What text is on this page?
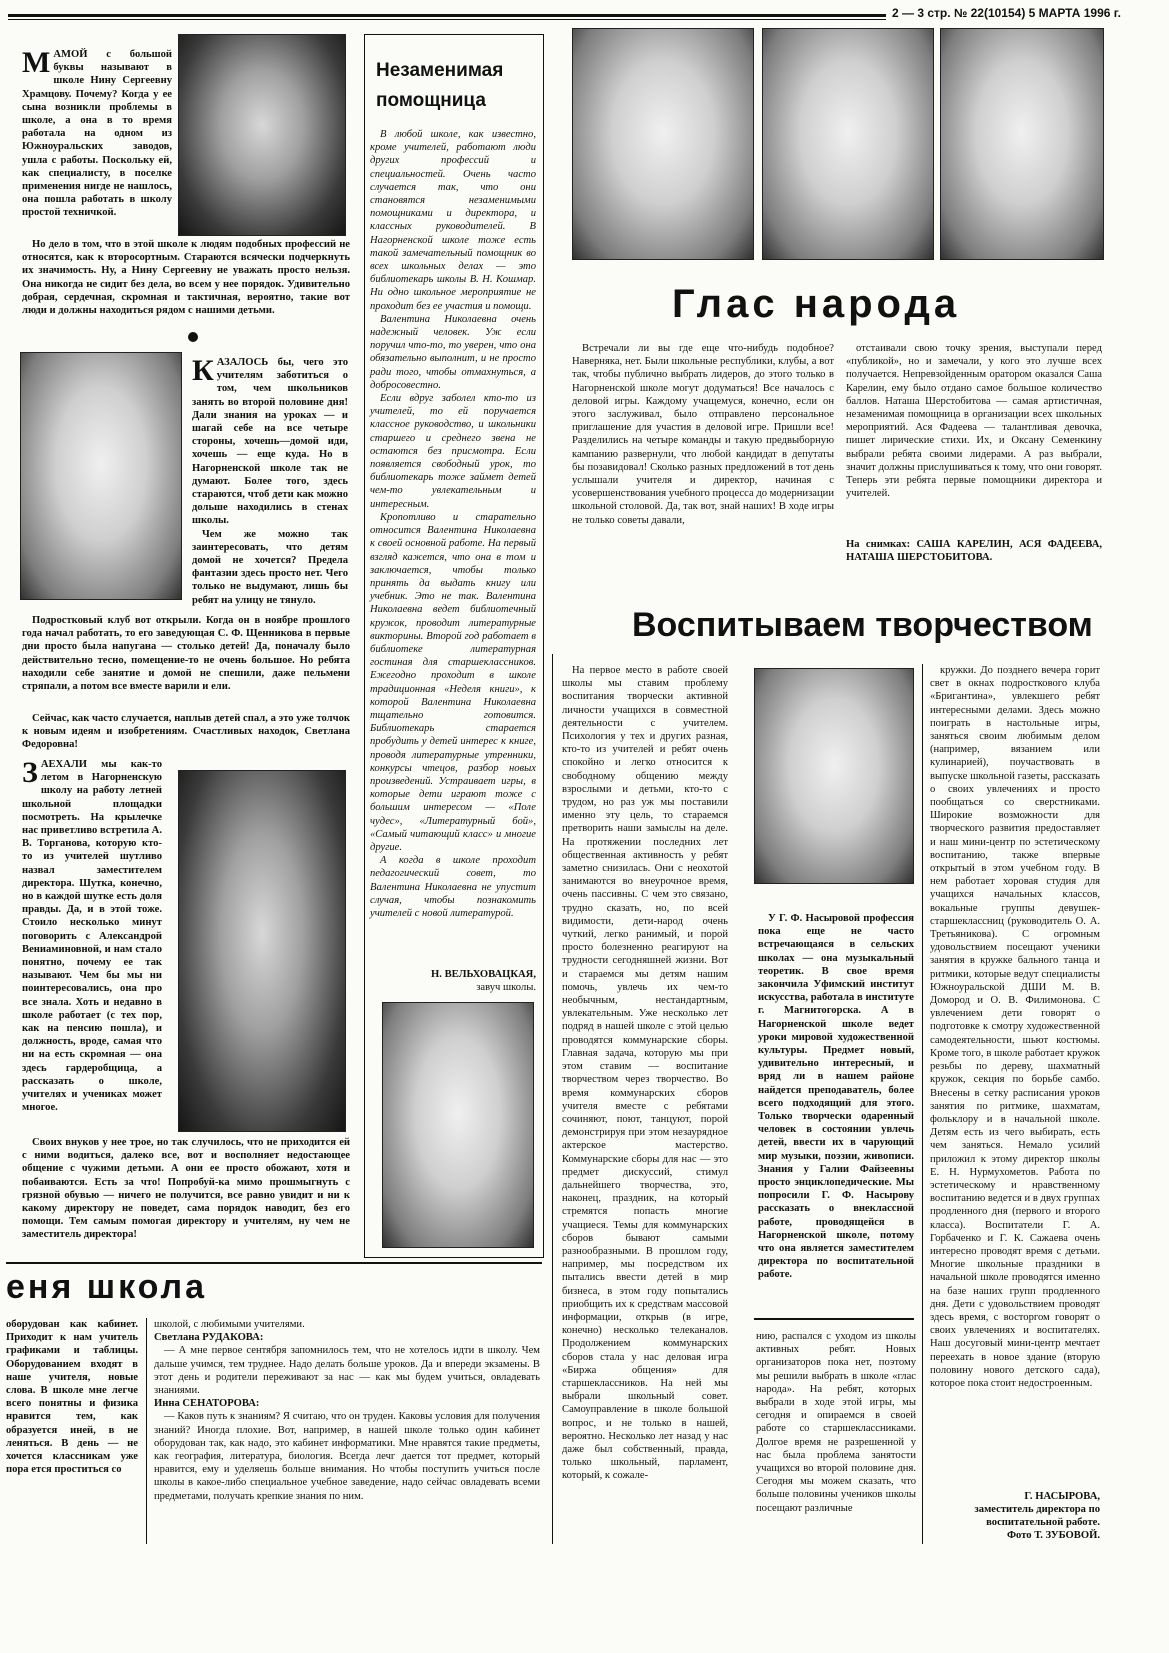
2 — 3 стр. № 22(10154) 5 МАРТА 1996 г.
МАМОЙ с большой буквы называют в школе Нину Сергеевну Храмцову. Почему? Когда у ее сына возникли проблемы в школе, а она в то время работала на одном из Южноуральских заводов, ушла с работы. Поскольку ей, как специалисту, в поселке применения нигде не нашлось, она пошла работать в школу простой техничкой.
Но дело в том, что в этой школе к людям подобных профессий не относятся, как к второсортным. Стараются всячески подчеркнуть их значимость. Ну, а Нину Сергеевну не уважать просто нельзя. Она никогда не сидит без дела, во всем у нее порядок. Удивительно добрая, сердечная, скромная и тактичная, вероятно, такие вот люди и должны находиться рядом с нашими детьми.
КАЗАЛОСЬ бы, чего это учителям заботиться о том, чем школьников занять во второй половине дня! Дали знания на уроках — и шагай себе на все четыре стороны, хочешь—домой иди, хочешь — еще куда. Но в Нагорненской школе так не думают. Более того, здесь стараются, чтоб дети как можно дольше находились в стенах школы.
Чем же можно так заинтересовать, что детям домой не хочется? Пределa фантазии здесь просто нет. Чего только не выдумают, лишь бы ребят на улицу не тянуло.
Подростковый клуб вот открыли. Когда он в ноябре прошлого года начал работать, то его заведующая С. Ф. Щенникова в первые дни просто была напугана — столько детей! Да, поначалу было действительно тесно, помещение-то не очень большое. Но ребята находили себе занятие и домой не спешили, даже пельмени стряпали, а потом все вместе варили и ели.
Сейчас, как часто случается, наплыв детей спал, а это уже толчок к новым идеям и изобретениям. Счастливых находок, Светлана Федоровна!
ЗАЕХАЛИ мы как-то летом в Нагорненскую школу на работу летней школьной площадки посмотреть. На крылечке нас приветливо встретила А. В. Торганова, которую кто-то из учителей шутливо назвал заместителем директора. Шутка, конечно, но в каждой шутке есть доля правды. Да, и в этой тоже. Стоило несколько минут поговорить с Александрой Вениаминовной, и нам стало понятно, почему ее так называют. Чем бы мы ни поинтересовались, она про все знала. Хоть и недавно в школе работает (с тех пор, как на пенсию пошла), и должность, вроде, самая что ни на есть скромная — она здесь гардеробщица, а рассказать о школе, учителях и учениках может многое.
Своих внуков у нее трое, но так случилось, что не приходится ей с ними водиться, далеко все, вот и восполняет недостающее общение с чужими детьми. А они ее просто обожают, хотя и побаиваются. Есть за что! Попробуй-ка мимо прошмыгнуть с грязной обувью — ничего не получится, все равно увидит и ни к какому директору не поведет, сама порядок наводит, без его помощи. Тем самым помогая директору и учителям, ну чем не заместитель директора!
Незаменимая помощница
В любой школе, как известно, кроме учителей, работают люди других профессий и специальностей. Очень часто случается так, что они становятся незаменимыми помощниками и директора, и классных руководителей. В Нагорненской школе тоже есть такой замечательный помощник во всех школьных делах — это библиотекарь школы В. Н. Кошмар. Ни одно школьное мероприятие не проходит без ее участия и помощи.
Валентина Николаевна очень надежный человек. Уж если поручил что-то, то уверен, что она обязательно выполнит, и не просто ради того, чтобы отмахнуться, а добросовестно.
Если вдруг заболел кто-то из учителей, то ей поручается классное руководство, и школьники старшего и среднего звена не остаются без присмотра. Если появляется свободный урок, то библиотекарь тоже займет детей чем-то увлекательным и интересным.
Кропотливо и старательно относится Валентина Николаевна к своей основной работе. На первый взгляд кажется, что она в том и заключается, чтобы только принять да выдать книгу или учебник. Это не так. Валентина Николаевна ведет библиотечный кружок, проводит литературные викторины. Второй год работает в библиотеке литературная гостиная для старшеклассников. Ежегодно проходит в школе традиционная «Неделя книги», к которой Валентина Николаевна тщательно готовится. Библиотекарь старается пробудить у детей интерес к книге, проводя литературные утренники, конкурсы чтецов, разбор новых произведений. Устраивает игры, в которые дети играют тоже с большим интересом — «Поле чудес», «Литературный бой», «Самый читающий класс» и многие другие.
А когда в школе проходит педагогический совет, то Валентина Николаевна не упустит случая, чтобы познакомить учителей с новой литературой.
Н. ВЕЛЬХОВАЦКАЯ,
завуч школы.
еня школа
оборудован как кабинет. Приходит к нам учитель графиками и таблицы. Оборудованием входят в наше учителя, новые слова. В школе мне легче всего понятны и физика нравится тем, как образуется иней, в не леняться. В день — не хочется классникам уже пора ется проститься со
школой, с любимыми учителями.
Светлана РУДАКОВА:
— А мне первое сентября запомнилось тем, что не хотелось идти в школу. Чем дальше учимся, тем труднее. Надо делать больше уроков. Да и впереди экзамены. В этот день и родители переживают за нас — как мы будем учиться, овладевать знаниями.
Инна СЕНАТОРОВА:
— Каков путь к знаниям? Я считаю, что он труден. Каковы условия для получения знаний? Иногда плохие. Вот, например, в нашей школе только один кабинет оборудован так, как надо, это кабинет информатики. Мне нравятся такие предметы, как география, литература, биология. Всегда лечг дается тот предмет, который нравится, ему и уделяешь больше внимания. Но чтобы поступить учиться после школы в какое-либо специальное учебное заведение, надо сейчас овладевать всеми предметами, получать крепкие знания по ним.
Глас народа
Встречали ли вы где еще что-нибудь подобное? Наверняка, нет. Были школьные республики, клубы, а вот так, чтобы публично выбрать лидеров, до этого только в Нагорненской школе могут додуматься! Все началось с деловой игры. Каждому учащемуся, конечно, если он этого заслуживал, было отправлено персональное приглашение для участия в деловой игре. Пришли все! Разделились на четыре команды и такую предвыборную кампанию развернули, что любой кандидат в депутаты бы позавидовал! Сколько разных предложений в тот день услышали учителя и директор, начиная с усовершенствования учебного процесса до модернизации школьной столовой. Да, так вот, знай наших! В ходе игры не только советы давали,
отстаивали свою точку зрения, выступали перед «публикой», но и замечали, у кого это лучше всех получается. Непревзойденным оратором оказался Саша Карелин, ему было отдано самое большое количество баллов. Наташа Шерстобитова — самая артистичная, незаменимая помощница в организации всех школьных мероприятий. Ася Фадеева — талантливая девочка, пишет лирические стихи. Их, и Оксану Семенкину выбрали ребята своими лидерами. А раз выбрали, значит должны прислушиваться к тому, что они говорят. Теперь эти ребята первые помощники директора и учителей.
На снимках: САША КАРЕЛИН, АСЯ ФАДЕЕВА, НАТАША ШЕРСТОБИТОВА.
Воспитываем творчеством
На первое место в работе своей школы мы ставим проблему воспитания творчески активной личности учащихся в совместной деятельности с учителем. Психология у тех и других разная, кто-то из учителей и ребят очень спокойно и легко относится к свободному общению между взрослыми и детьми, кто-то с трудом, но раз уж мы поставили именно эту цель, то стараемся претворить наши замыслы на деле. На протяжении последних лет общественная активность у ребят заметно снизилась. Они с неохотой занимаются во внеурочное время, очень пассивны. С чем это связано, трудно сказать, но, по всей видимости, дети-народ очень чуткий, легко ранимый, и порой просто болезненно реагируют на трудности сегодняшней жизни. Вот и стараемся мы детям нашим помочь, увлечь их чем-то необычным, нестандартным, увлекательным. Уже несколько лет подряд в нашей школе с этой целью проводятся коммунарские сборы. Главная задача, которую мы при этом ставим — воспитание творчеством через творчество. Во время коммунарских сборов учителя вместе с ребятами сочиняют, поют, танцуют, порой демонстрируя при этом незаурядное актерское мастерство. Коммунарские сборы для нас — это предмет дискуссий, стимул дальнейшего творчества, это, наконец, праздник, на который стремятся попасть многие учащиеся. Темы для коммунарских сборов бывают самыми разнообразными. В прошлом году, например, мы посредством их пытались ввести детей в мир бизнеса, в этом году попытались приобщить их к средствам массовой информации, открыв (в игре, конечно) несколько телеканалов. Продолжением коммунарских сборов стала у нас деловая игра «Биржа общения» для старшеклассников. На ней мы выбрали школьный совет. Самоуправление в школе большой вопрос, и не только в нашей, вероятно. Несколько лет назад у нас даже был собственный, правда, только школьный, парламент, который, к сожале-
У Г. Ф. Насыровой профессия пока еще не часто встречающаяся в сельских школах — она музыкальный теоретик. В свое время закончила Уфимский институт искусства, работала в институте г. Магнитогорска. А в Нагорненской школе ведет уроки мировой художественной культуры. Предмет новый, удивительно интересный, и вряд ли в нашем районе найдется преподаватель, более всего подходящий для этого. Только творчески одаренный человек в состоянии увлечь детей, ввести их в чарующий мир музыки, поэзии, живописи. Знания у Галии Файзеевны просто энциклопедические. Мы попросили Г. Ф. Насырову рассказать о внеклассной работе, проводящейся в Нагорненской школе, потому что она является заместителем директора по воспитательной работе.
нию, распался с уходом из школы активных ребят. Новых организаторов пока нет, поэтому мы решили выбрать в школе «глас народа». На ребят, которых выбрали в ходе этой игры, мы сегодня и опираемся в своей работе со старшеклассниками. Долгое время не разрешенной у нас была проблема занятости учащихся во второй половине дня. Сегодня мы можем сказать, что больше половины учеников школы посещают различные
кружки. До позднего вечера горит свет в окнах подросткового клуба «Бригантина», увлекшего ребят интересными делами. Здесь можно поиграть в настольные игры, заняться своим любимым делом (например, вязанием или кулинарией), поучаствовать в выпуске школьной газеты, рассказать о своих увлечениях и просто пообщаться со сверстниками. Широкие возможности для творческого развития предоставляет и наш мини-центр по эстетическому воспитанию, также впервые открытый в этом учебном году. В нем работает хоровая студия для учащихся начальных классов, вокальные группы девушек-старшеклассниц (руководитель О. А. Третьяникова). С огромным удовольствием посещают ученики занятия в кружке бального танца и ритмики, которые ведут специалисты Южноуральской ДШИ М. В. Домород и О. В. Филимонова. С увлечением дети говорят о подготовке к смотру художественной самодеятельности, шьют костюмы. Кроме того, в школе работает кружок резьбы по дереву, шахматный кружок, секция по борьбе самбо. Внесены в сетку расписания уроков занятия по ритмике, шахматам, фольклору и в начальной школе. Детям есть из чего выбирать, есть чем заняться. Немало усилий приложил к этому директор школы Е. Н. Нурмухометов. Работа по эстетическому и нравственному воспитанию ведется и в двух группах продленного дня (первого и второго класса). Воспитатели Г. А. Горбаченко и Г. К. Сажаева очень интересно проводят время с детьми. Многие школьные праздники в начальной школе проводятся именно на базе наших групп продленного дня. Дети с удовольствием проводят здесь время, с восторгом говорят о своих увлечениях и воспитателях. Наш досуговый мини-центр мечтает переехать в новое здание (вторую половину нового детского сада), которое пока стоит недостроенным.
Г. НАСЫРОВА,
заместитель директора по воспитательной работе.
Фото Т. ЗУБОВОЙ.
